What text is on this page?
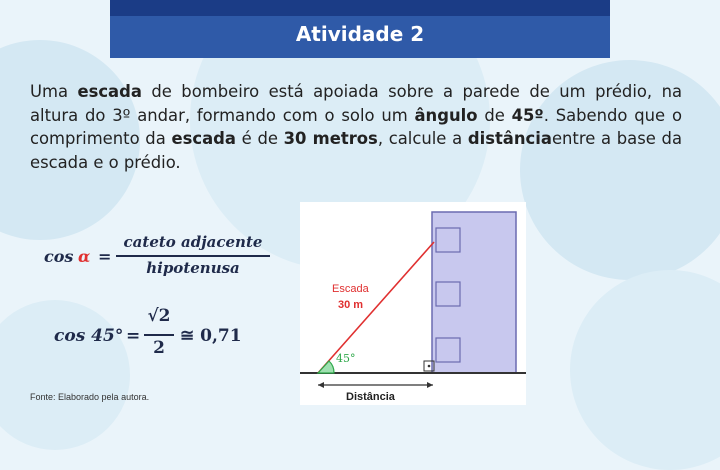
Atividade 2
Uma escada de bombeiro está apoiada sobre a parede de um prédio, na altura do 3º andar, formando com o solo um ângulo de 45º. Sabendo que o comprimento da escada é de 30 metros, calcule a distânciaentre a base da escada e o prédio.
cos α =
cateto adjacente
hipotenusa
cos 45° =
√2
2
≅ 0,71
Escada
30 m
45°
Distância
Fonte: Elaborado pela autora.
